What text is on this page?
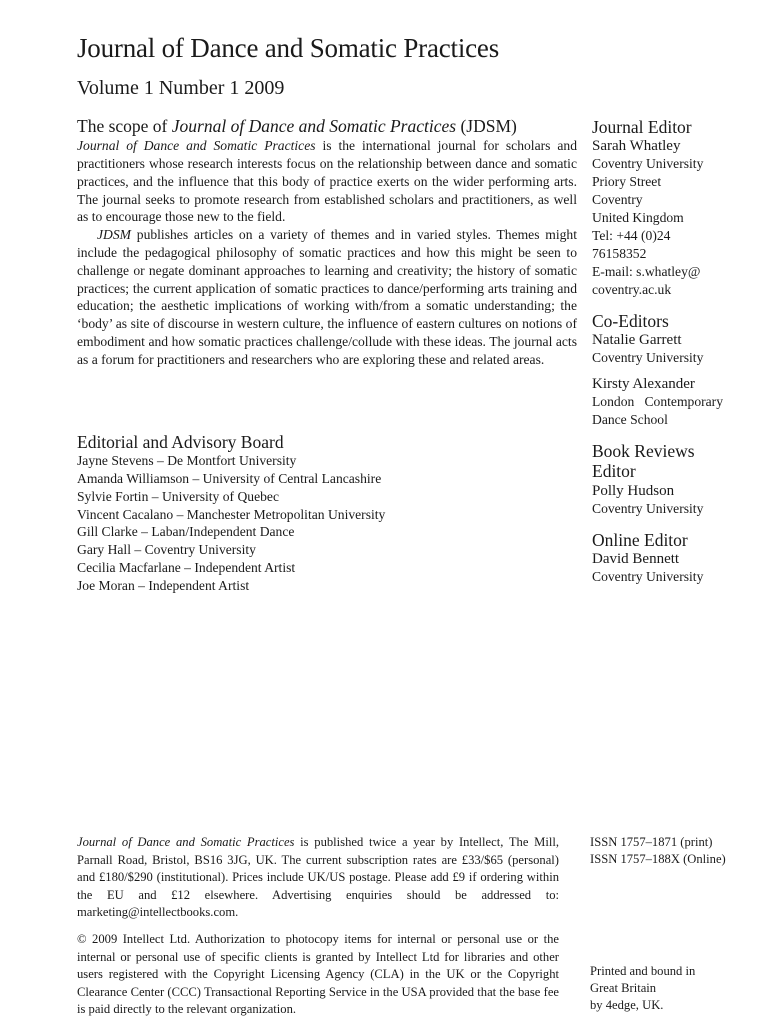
Journal of Dance and Somatic Practices
Volume 1 Number 1 2009
The scope of Journal of Dance and Somatic Practices (JDSM)

Journal of Dance and Somatic Practices is the international journal for scholars and practitioners whose research interests focus on the relationship between dance and somatic practices, and the influence that this body of practice exerts on the wider performing arts. The journal seeks to promote research from established scholars and practitioners, as well as to encourage those new to the field.

JDSM publishes articles on a variety of themes and in varied styles. Themes might include the pedagogical philosophy of somatic practices and how this might be seen to challenge or negate dominant approaches to learning and creativity; the history of somatic practices; the current application of somatic practices to dance/performing arts training and education; the aesthetic implications of working with/from a somatic understanding; the ‘body’ as site of discourse in western culture, the influence of eastern cultures on notions of embodiment and how somatic practices challenge/collude with these ideas. The journal acts as a forum for practitioners and researchers who are exploring these and related areas.

Editorial and Advisory Board
Jayne Stevens – De Montfort University
Amanda Williamson – University of Central Lancashire
Sylvie Fortin – University of Quebec
Vincent Cacalano – Manchester Metropolitan University
Gill Clarke – Laban/Independent Dance
Gary Hall – Coventry University
Cecilia Macfarlane – Independent Artist
Joe Moran – Independent Artist
Journal Editor
Sarah Whatley
Coventry University
Priory Street
Coventry
United Kingdom
Tel: +44 (0)24
76158352
E-mail: s.whatley@
coventry.ac.uk
Co-Editors
Natalie Garrett
Coventry University
Kirsty Alexander
London   Contemporary
Dance School
Book Reviews
Editor
Polly Hudson
Coventry University
Online Editor
David Bennett
Coventry University

Journal of Dance and Somatic Practices is published twice a year by Intellect, The Mill, Parnall Road, Bristol, BS16 3JG, UK. The current subscription rates are £33/$65 (personal) and £180/$290 (institutional). Prices include UK/US postage. Please add £9 if ordering within the EU and £12 elsewhere. Advertising enquiries should be addressed to: marketing@intellectbooks.com.

© 2009 Intellect Ltd. Authorization to photocopy items for internal or personal use or the internal or personal use of specific clients is granted by Intellect Ltd for libraries and other users registered with the Copyright Licensing Agency (CLA) in the UK or the Copyright Clearance Center (CCC) Transactional Reporting Service in the USA provided that the base fee is paid directly to the relevant organization.

ISSN 1757–1871 (print)
ISSN 1757–188X (Online)
Printed and bound in
Great Britain
by 4edge, UK.
